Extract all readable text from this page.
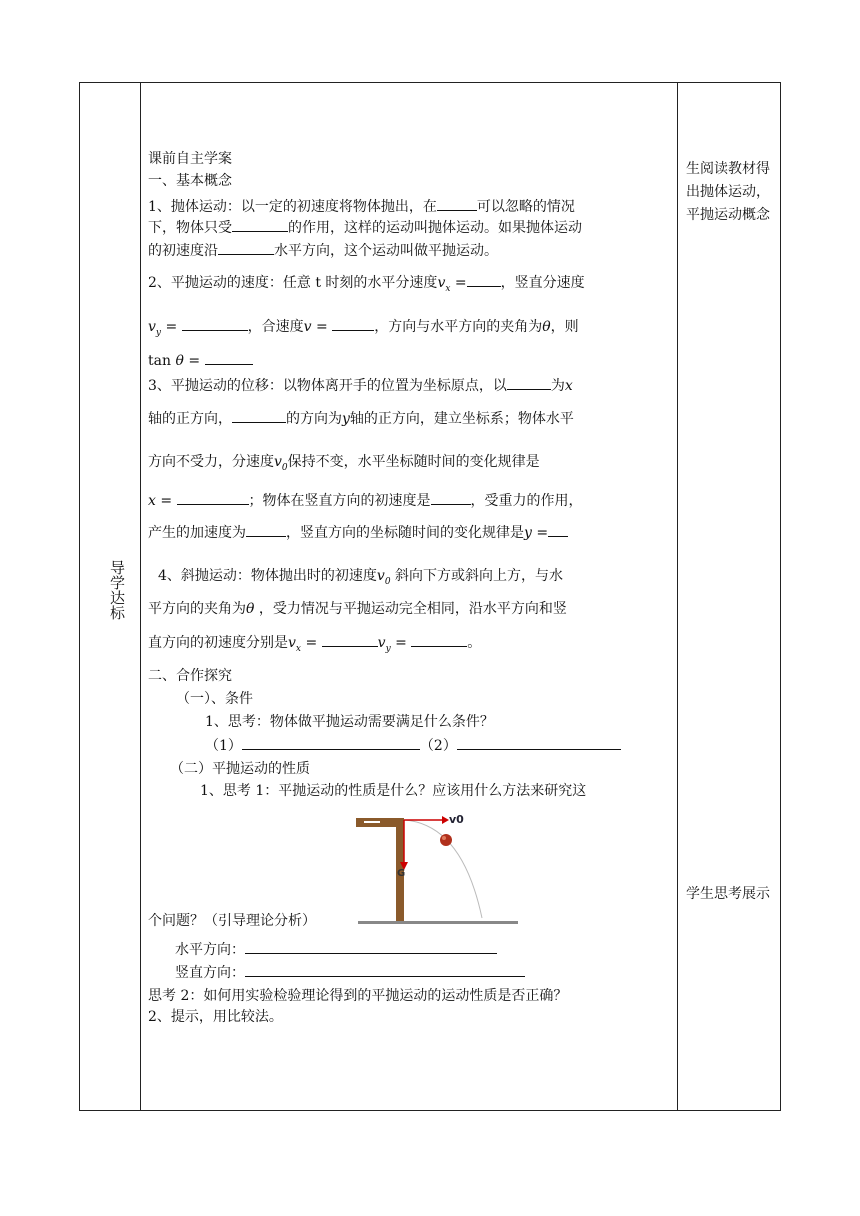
导学达标
生阅读教材得出抛体运动，平抛运动概念
学生思考展示
课前自主学案
一、基本概念
1、抛体运动：以一定的初速度将物体抛出，在	可以忽略的情况
下，物体只受	的作用，这样的运动叫抛体运动。如果抛体运动
的初速度沿	水平方向，这个运动叫做平抛运动。
2、平抛运动的速度：任意 t 时刻的水平分速度$v_x$ = ，竖直分速度
$v_y$ =	，合速度v =	，方向与水平方向的夹角为θ，则
tan θ =
3、平抛运动的位移：以物体离开手的位置为坐标原点，以	为x
轴的正方向，	的方向为y轴的正方向，建立坐标系；物体水平
方向不受力，分速度$v_0$保持不变，水平坐标随时间的变化规律是
x =	；物体在竖直方向的初速度是	，受重力的作用，
产生的加速度为	，竖直方向的坐标随时间的变化规律是y =
4、斜抛运动：物体抛出时的初速度$v_0$ 斜向下方或斜向上方，与水
平方向的夹角为θ ，受力情况与平抛运动完全相同，沿水平方向和竖
直方向的初速度分别是$v_x$ =	$v_y$ =	。
二、合作探究
（一）、条件
1、思考：物体做平抛运动需要满足什么条件？
（1）	（2）
（二）平抛运动的性质
1、思考 1：平抛运动的性质是什么？应该用什么方法来研究这
v0
G
个问题？（引导理论分析）
水平方向：
竖直方向：
思考 2：如何用实验检验理论得到的平抛运动的运动性质是否正确？
2、提示，用比较法。
